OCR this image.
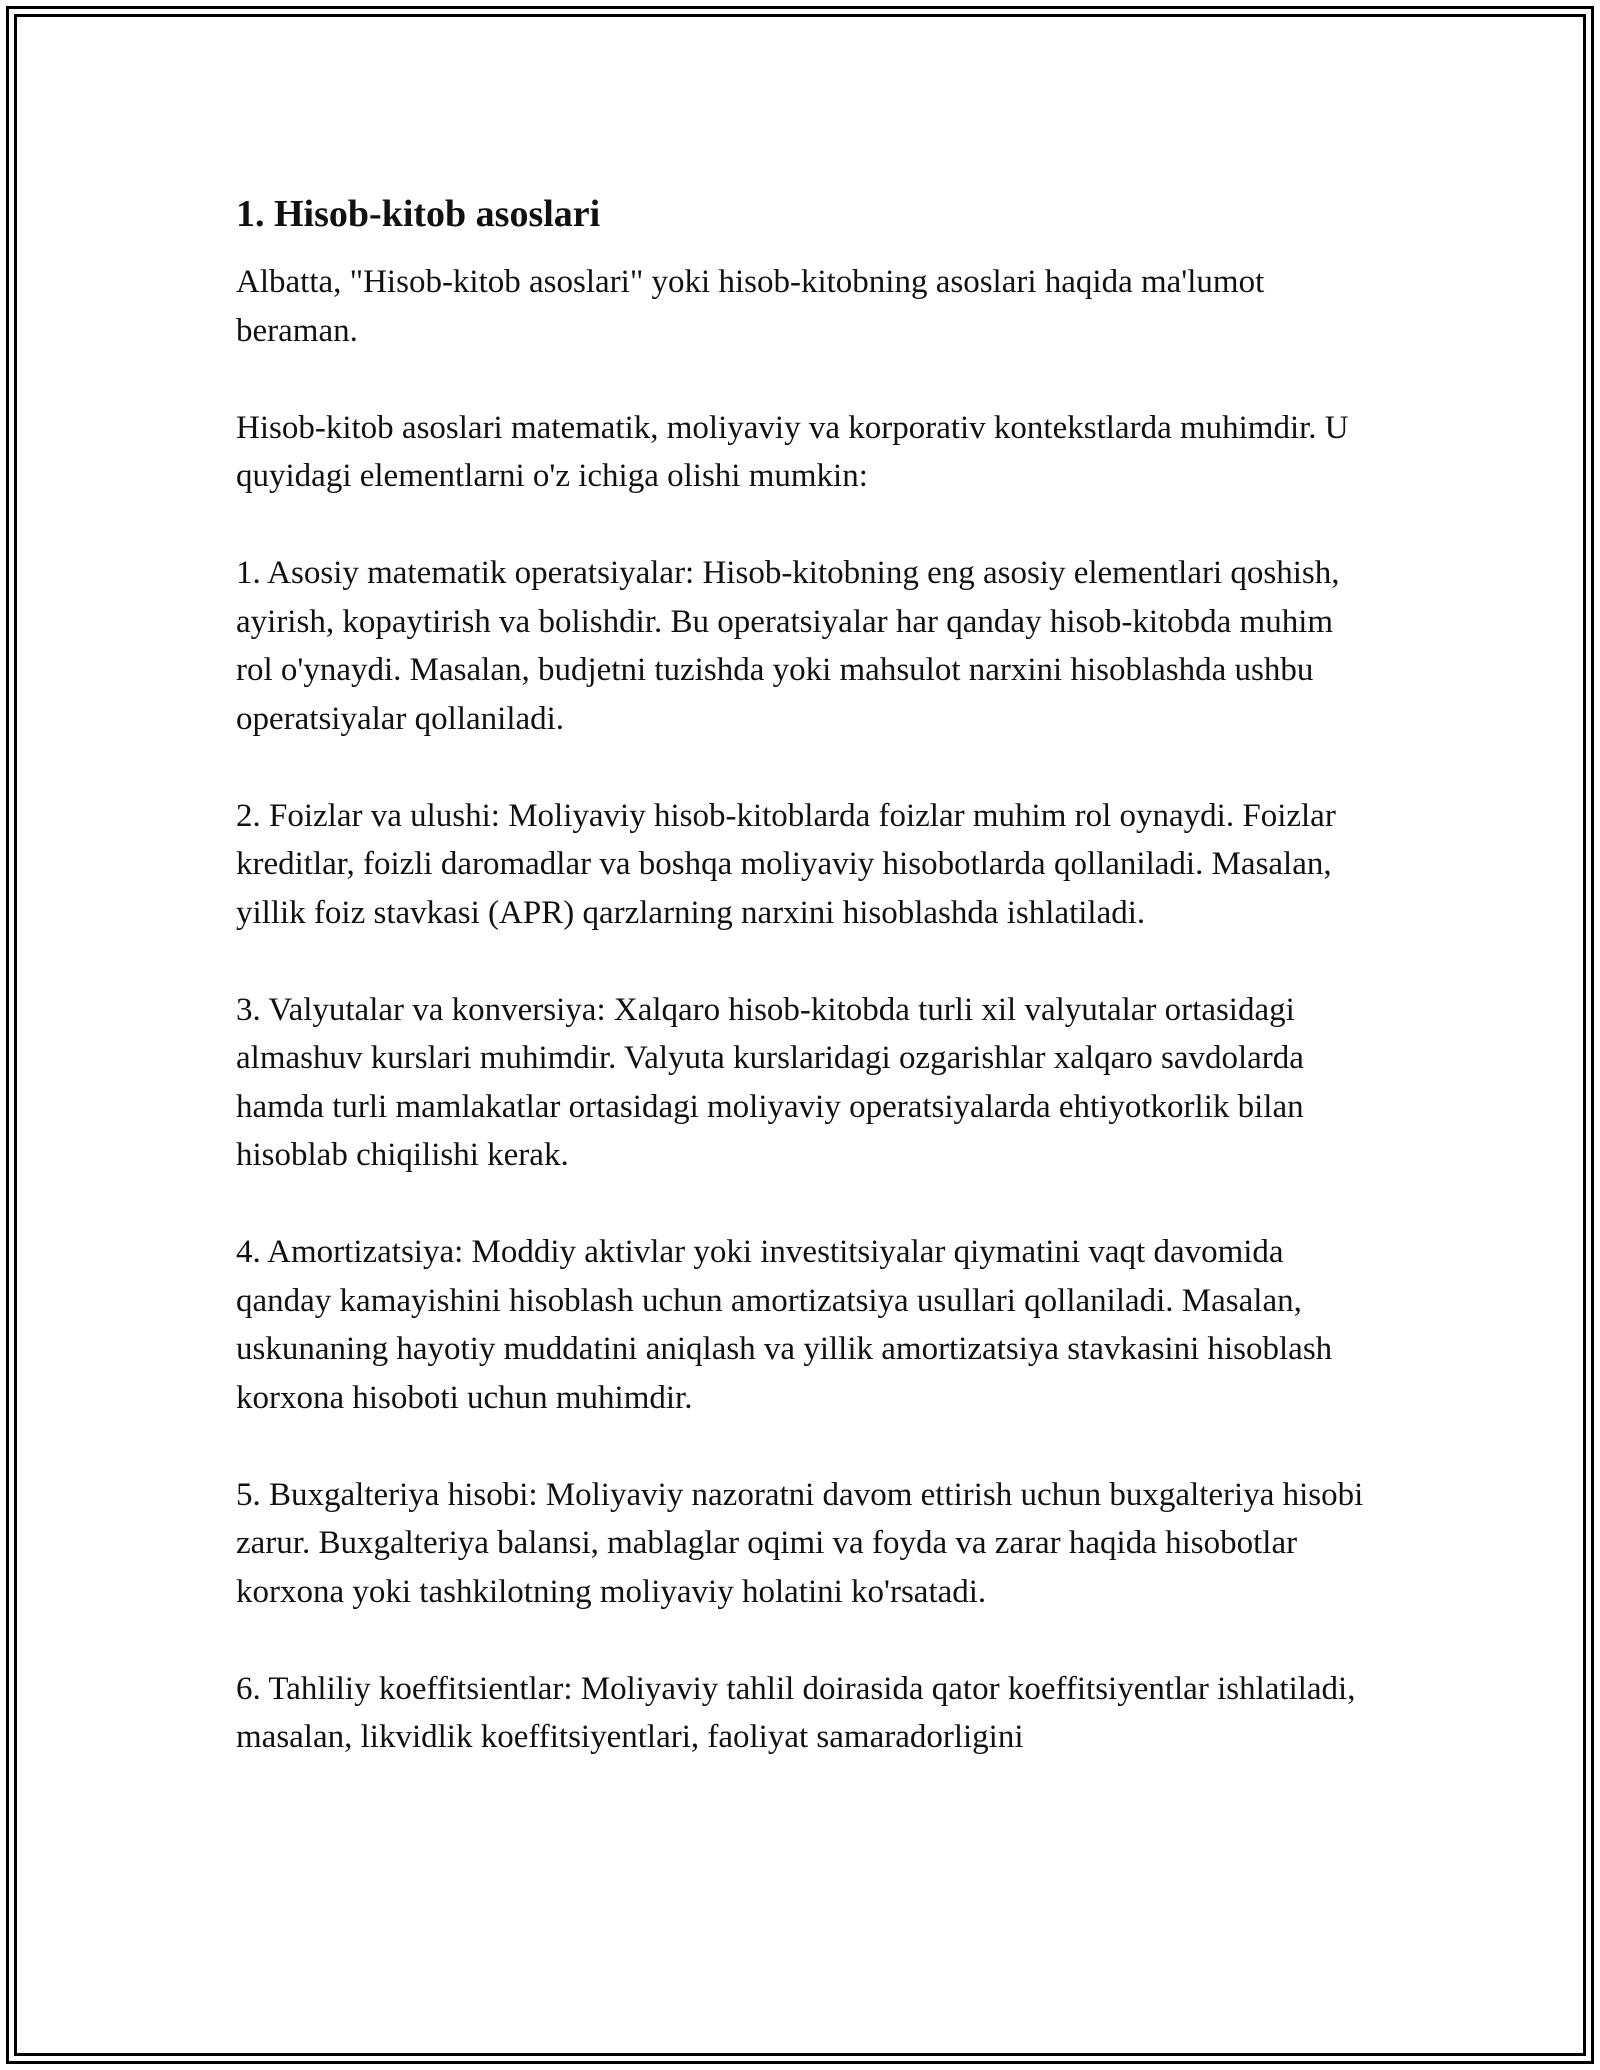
1. Hisob-kitob asoslari

Albatta, "Hisob-kitob asoslari" yoki hisob-kitobning asoslari haqida ma'lumot beraman.

Hisob-kitob asoslari matematik, moliyaviy va korporativ kontekstlarda muhimdir. U quyidagi elementlarni o'z ichiga olishi mumkin:

1. Asosiy matematik operatsiyalar: Hisob-kitobning eng asosiy elementlari qoshish, ayirish, kopaytirish va bolishdir. Bu operatsiyalar har qanday hisob-kitobda muhim rol o'ynaydi. Masalan, budjetni tuzishda yoki mahsulot narxini hisoblashda ushbu operatsiyalar qollaniladi.

2. Foizlar va ulushi: Moliyaviy hisob-kitoblarda foizlar muhim rol oynaydi. Foizlar kreditlar, foizli daromadlar va boshqa moliyaviy hisobotlarda qollaniladi. Masalan, yillik foiz stavkasi (APR) qarzlarning narxini hisoblashda ishlatiladi.

3. Valyutalar va konversiya: Xalqaro hisob-kitobda turli xil valyutalar ortasidagi almashuv kurslari muhimdir. Valyuta kurslaridagi ozgarishlar xalqaro savdolarda hamda turli mamlakatlar ortasidagi moliyaviy operatsiyalarda ehtiyotkorlik bilan hisoblab chiqilishi kerak.

4. Amortizatsiya: Moddiy aktivlar yoki investitsiyalar qiymatini vaqt davomida qanday kamayishini hisoblash uchun amortizatsiya usullari qollaniladi. Masalan, uskunaning hayotiy muddatini aniqlash va yillik amortizatsiya stavkasini hisoblash korxona hisoboti uchun muhimdir.

5. Buxgalteriya hisobi: Moliyaviy nazoratni davom ettirish uchun buxgalteriya hisobi zarur. Buxgalteriya balansi, mablaglar oqimi va foyda va zarar haqida hisobotlar korxona yoki tashkilotning moliyaviy holatini ko'rsatadi.

6. Tahliliy koeffitsientlar: Moliyaviy tahlil doirasida qator koeffitsiyentlar ishlatiladi, masalan, likvidlik koeffitsiyentlari, faoliyat samaradorligini
